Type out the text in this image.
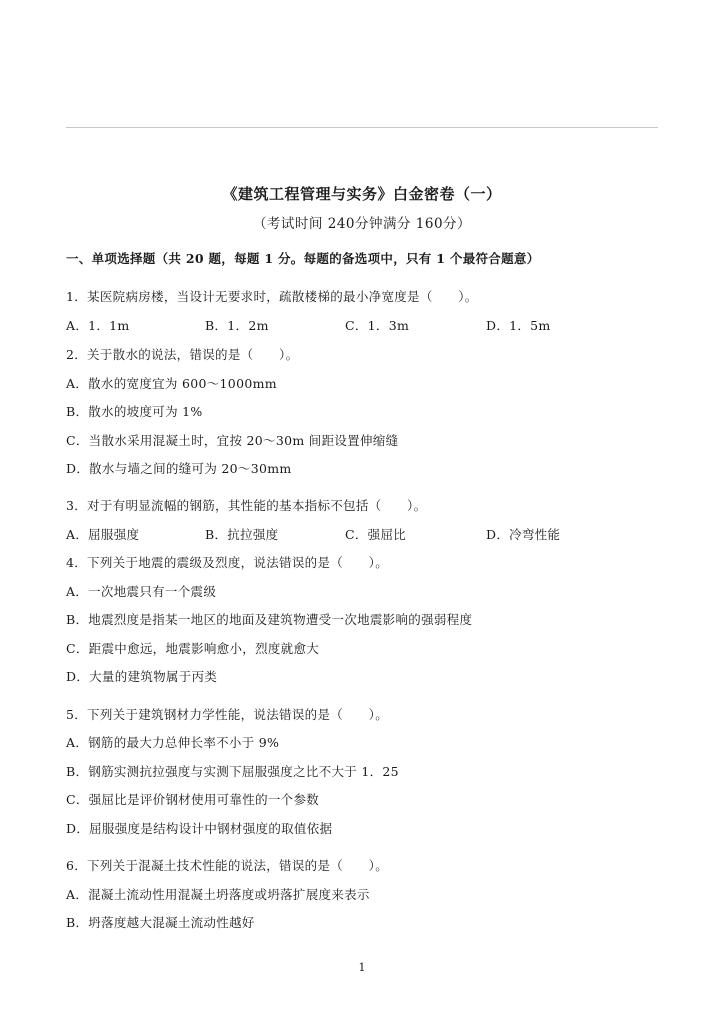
《建筑工程管理与实务》白金密卷（一）
（考试时间 240分钟满分 160分）
一、单项选择题（共 20 题，每题 1 分。每题的备选项中，只有 1 个最符合题意）
1．某医院病房楼，当设计无要求时，疏散楼梯的最小净宽度是（　　）。
A．1．1m	B．1．2m	C．1．3m	D．1．5m
2．关于散水的说法，错误的是（　　）。
A．散水的宽度宜为 600～1000mm
B．散水的坡度可为 1%
C．当散水采用混凝土时，宜按 20～30m 间距设置伸缩缝
D．散水与墙之间的缝可为 20～30mm
3．对于有明显流幅的钢筋，其性能的基本指标不包括（　　）。
A．屈服强度	B．抗拉强度	C．强屈比	D．冷弯性能
4．下列关于地震的震级及烈度，说法错误的是（　　）。
A．一次地震只有一个震级
B．地震烈度是指某一地区的地面及建筑物遭受一次地震影响的强弱程度
C．距震中愈远，地震影响愈小，烈度就愈大
D．大量的建筑物属于丙类
5．下列关于建筑钢材力学性能，说法错误的是（　　）。
A．钢筋的最大力总伸长率不小于 9%
B．钢筋实测抗拉强度与实测下屈服强度之比不大于 1．25
C．强屈比是评价钢材使用可靠性的一个参数
D．屈服强度是结构设计中钢材强度的取值依据
6．下列关于混凝土技术性能的说法，错误的是（　　）。
A．混凝土流动性用混凝土坍落度或坍落扩展度来表示
B．坍落度越大混凝土流动性越好
1
